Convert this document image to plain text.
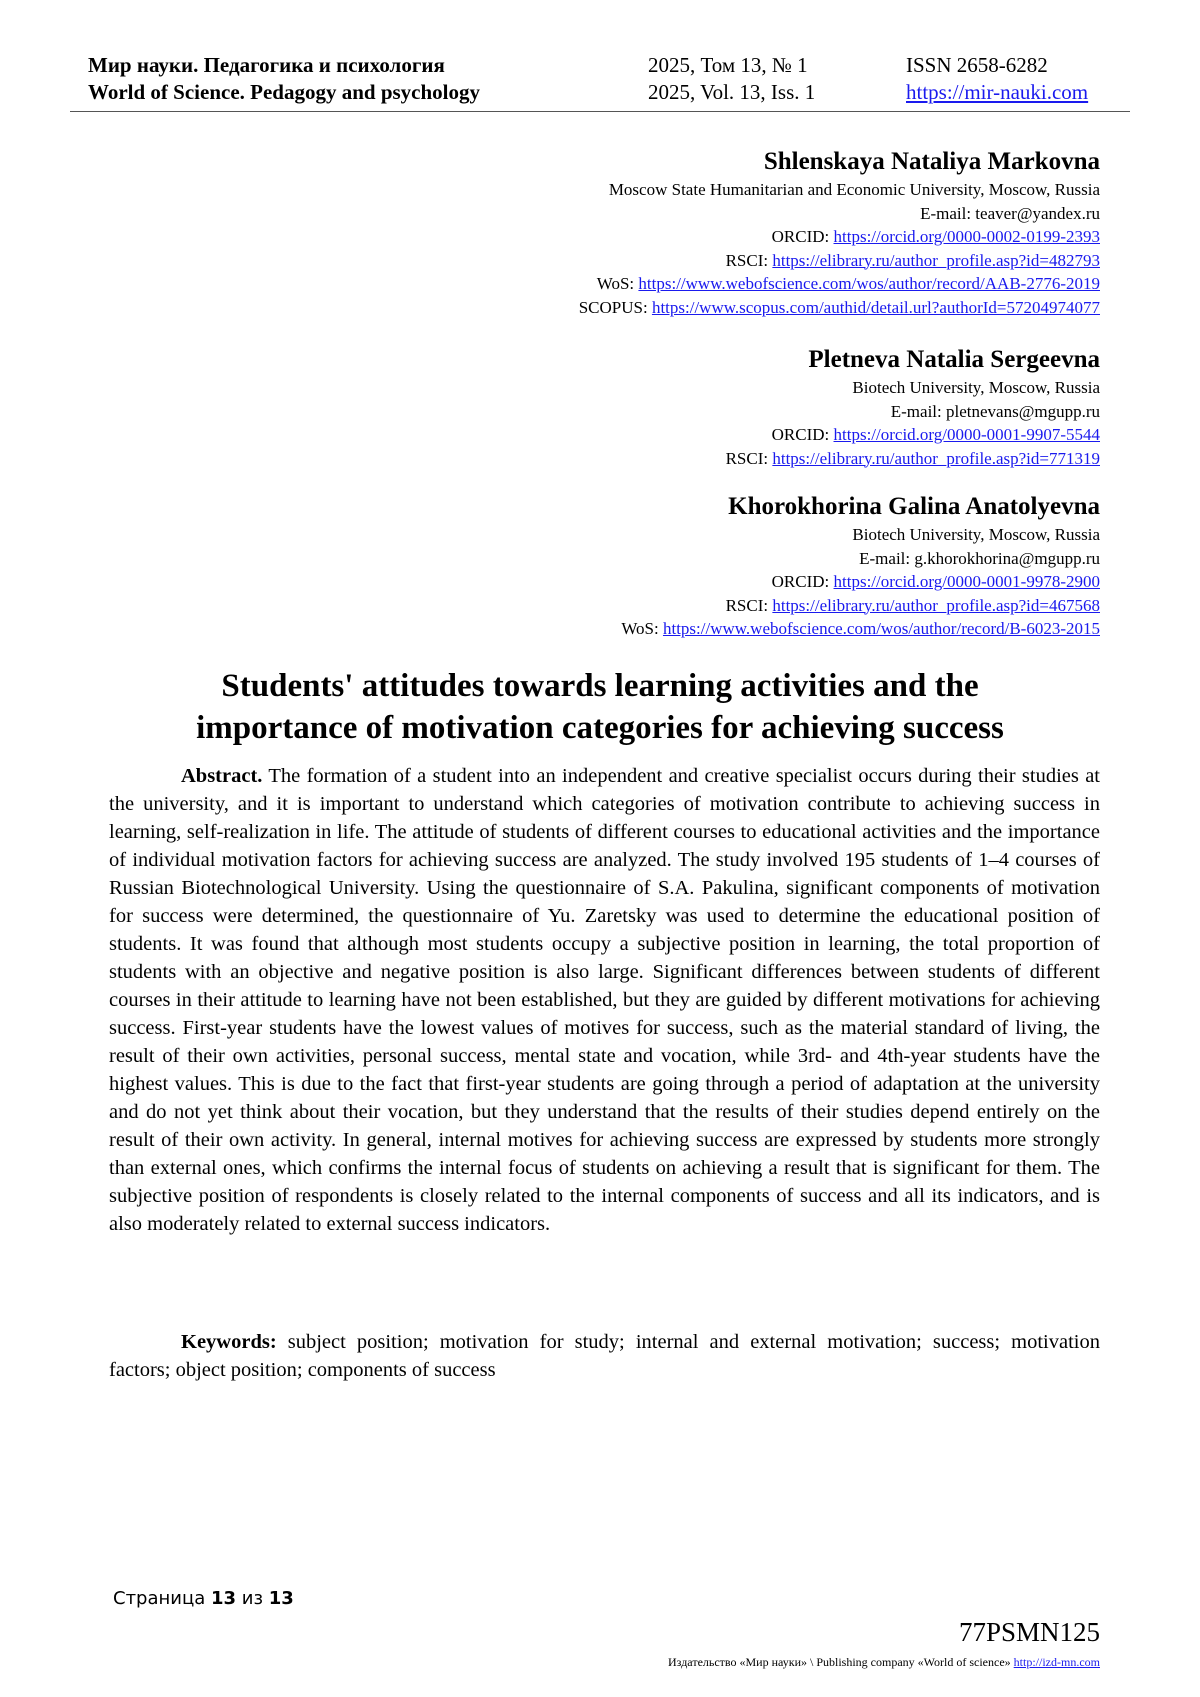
Мир науки. Педагогика и психология
World of Science. Pedagogy and psychology
2025, Том 13, № 1
2025, Vol. 13, Iss. 1
ISSN 2658-6282
https://mir-nauki.com
Shlenskaya Nataliya Markovna
Moscow State Humanitarian and Economic University, Moscow, Russia
E-mail: teaver@yandex.ru
ORCID: https://orcid.org/0000-0002-0199-2393
RSCI: https://elibrary.ru/author_profile.asp?id=482793
WoS: https://www.webofscience.com/wos/author/record/AAB-2776-2019
SCOPUS: https://www.scopus.com/authid/detail.url?authorId=57204974077
Pletneva Natalia Sergeevna
Biotech University, Moscow, Russia
E-mail: pletnevans@mgupp.ru
ORCID: https://orcid.org/0000-0001-9907-5544
RSCI: https://elibrary.ru/author_profile.asp?id=771319
Khorokhorina Galina Anatolyevna
Biotech University, Moscow, Russia
E-mail: g.khorokhorina@mgupp.ru
ORCID: https://orcid.org/0000-0001-9978-2900
RSCI: https://elibrary.ru/author_profile.asp?id=467568
WoS: https://www.webofscience.com/wos/author/record/B-6023-2015
Students' attitudes towards learning activities and the
importance of motivation categories for achieving success

Abstract. The formation of a student into an independent and creative specialist occurs during their studies at the university, and it is important to understand which categories of motivation contribute to achieving success in learning, self-realization in life. The attitude of students of different courses to educational activities and the importance of individual motivation factors for achieving success are analyzed. The study involved 195 students of 1–4 courses of Russian Biotechnological University. Using the questionnaire of S.A. Pakulina, significant components of motivation for success were determined, the questionnaire of Yu. Zaretsky was used to determine the educational position of students. It was found that although most students occupy a subjective position in learning, the total proportion of students with an objective and negative position is also large. Significant differences between students of different courses in their attitude to learning have not been established, but they are guided by different motivations for achieving success. First-year students have the lowest values of motives for success, such as the material standard of living, the result of their own activities, personal success, mental state and vocation, while 3rd- and 4th-year students have the highest values. This is due to the fact that first-year students are going through a period of adaptation at the university and do not yet think about their vocation, but they understand that the results of their studies depend entirely on the result of their own activity. In general, internal motives for achieving success are expressed by students more strongly than external ones, which confirms the internal focus of students on achieving a result that is significant for them. The subjective position of respondents is closely related to the internal components of success and all its indicators, and is also moderately related to external success indicators.

Keywords: subject position; motivation for study; internal and external motivation; success; motivation factors; object position; components of success

Страница 13 из 13
77PSMN125
Издательство «Мир науки» \ Publishing company «World of science» http://izd-mn.com
